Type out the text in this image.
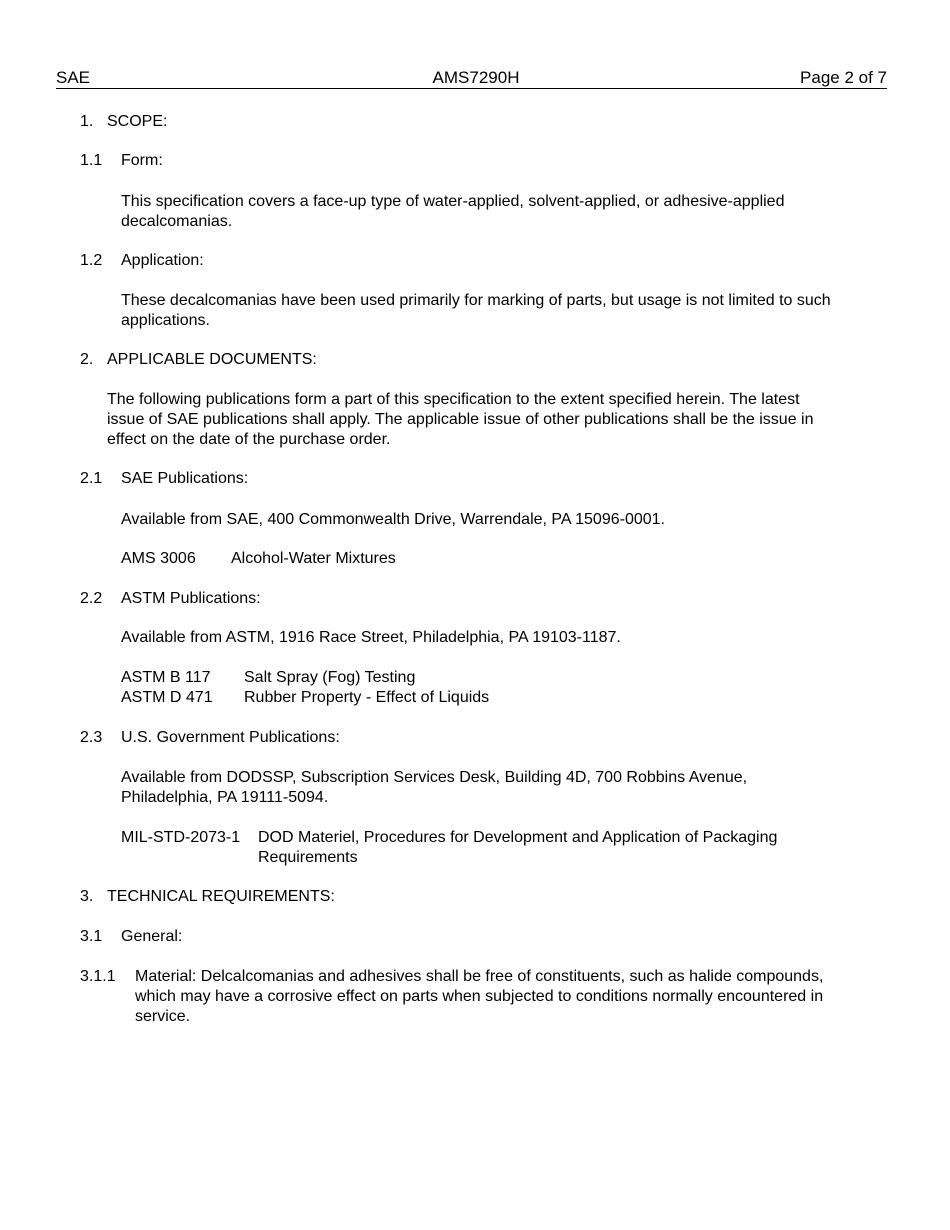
SAE	AMS7290H	Page 2 of 7
1. SCOPE:
1.1 Form:
This specification covers a face-up type of water-applied, solvent-applied, or adhesive-applied
decalcomanias.
1.2 Application:
These decalcomanias have been used primarily for marking of parts, but usage is not limited to such
applications.
2. APPLICABLE DOCUMENTS:
The following publications form a part of this specification to the extent specified herein. The latest
issue of SAE publications shall apply. The applicable issue of other publications shall be the issue in
effect on the date of the purchase order.
2.1 SAE Publications:
Available from SAE, 400 Commonwealth Drive, Warrendale, PA 15096-0001.
AMS 3006 Alcohol-Water Mixtures
2.2 ASTM Publications:
Available from ASTM, 1916 Race Street, Philadelphia, PA 19103-1187.
ASTM B 117 Salt Spray (Fog) Testing
ASTM D 471 Rubber Property - Effect of Liquids
2.3 U.S. Government Publications:
Available from DODSSP, Subscription Services Desk, Building 4D, 700 Robbins Avenue,
Philadelphia, PA 19111-5094.
MIL-STD-2073-1 DOD Materiel, Procedures for Development and Application of Packaging
Requirements
3. TECHNICAL REQUIREMENTS:
3.1 General:
3.1.1 Material: Delcalcomanias and adhesives shall be free of constituents, such as halide compounds,
which may have a corrosive effect on parts when subjected to conditions normally encountered in
service.
